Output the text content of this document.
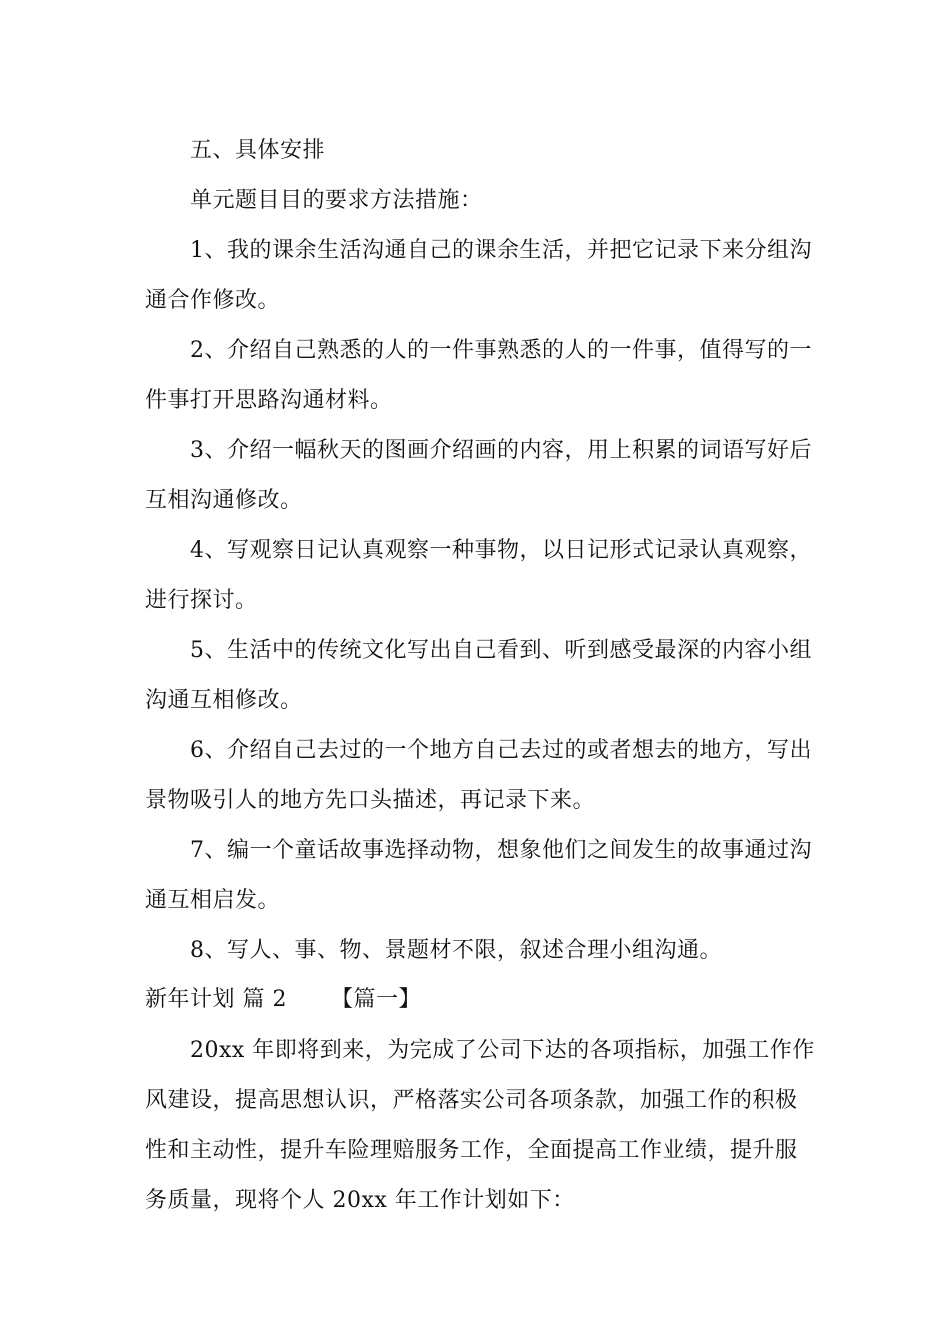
五、具体安排
单元题目目的要求方法措施：
1、我的课余生活沟通自己的课余生活，并把它记录下来分组沟
通合作修改。
2、介绍自己熟悉的人的一件事熟悉的人的一件事，值得写的一
件事打开思路沟通材料。
3、介绍一幅秋天的图画介绍画的内容，用上积累的词语写好后
互相沟通修改。
4、写观察日记认真观察一种事物，以日记形式记录认真观察，
进行探讨。
5、生活中的传统文化写出自己看到、听到感受最深的内容小组
沟通互相修改。
6、介绍自己去过的一个地方自己去过的或者想去的地方，写出
景物吸引人的地方先口头描述，再记录下来。
7、编一个童话故事选择动物，想象他们之间发生的故事通过沟
通互相启发。
8、写人、事、物、景题材不限，叙述合理小组沟通。
新年计划 篇 2 【篇一】
20xx 年即将到来，为完成了公司下达的各项指标，加强工作作
风建设，提高思想认识，严格落实公司各项条款，加强工作的积极
性和主动性，提升车险理赔服务工作，全面提高工作业绩，提升服
务质量，现将个人 20xx 年工作计划如下：
